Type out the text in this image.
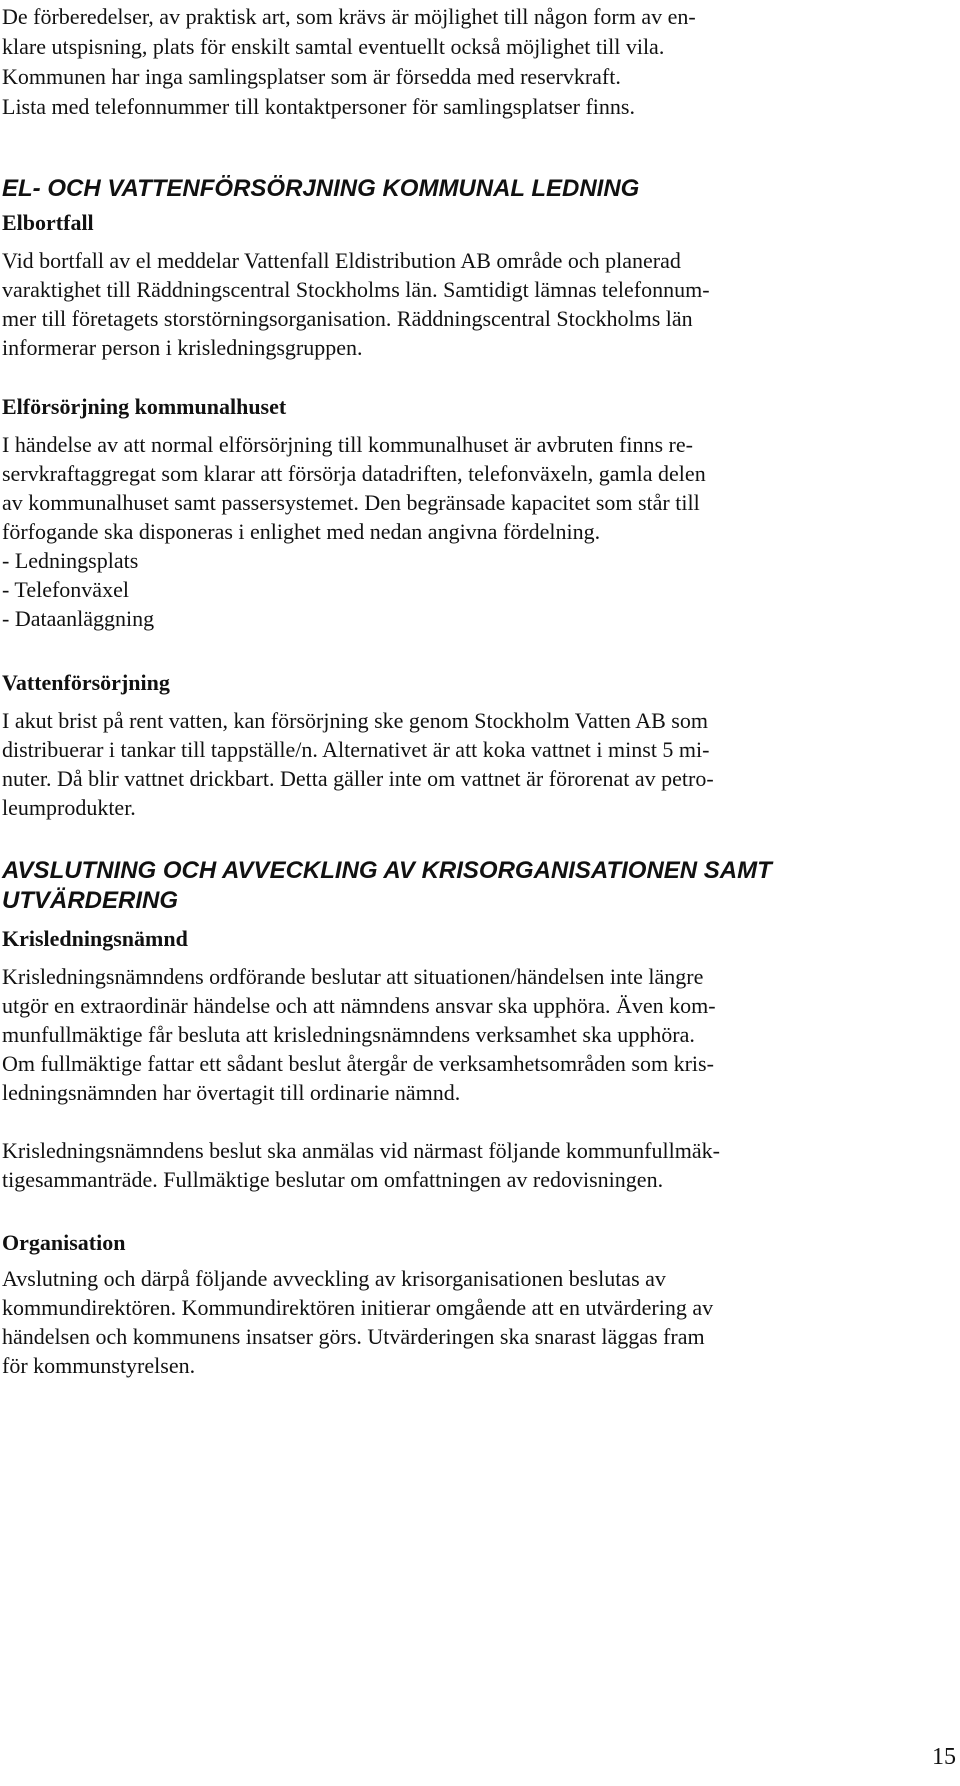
De förberedelser, av praktisk art, som krävs är möjlighet till någon form av en-
klare utspisning, plats för enskilt samtal eventuellt också möjlighet till vila.
Kommunen har inga samlingsplatser som är försedda med reservkraft.
Lista med telefonnummer till kontaktpersoner för samlingsplatser finns.
EL- OCH VATTENFÖRSÖRJNING KOMMUNAL LEDNING
Elbortfall
Vid bortfall av el meddelar Vattenfall Eldistribution AB område och planerad
varaktighet till Räddningscentral Stockholms län. Samtidigt lämnas telefonnum-
mer till företagets storstörningsorganisation. Räddningscentral Stockholms län
informerar person i krisledningsgruppen.
Elförsörjning kommunalhuset
I händelse av att normal elförsörjning till kommunalhuset är avbruten finns re-
servkraftaggregat som klarar att försörja datadriften, telefonväxeln, gamla delen
av kommunalhuset samt passersystemet. Den begränsade kapacitet som står till
förfogande ska disponeras i enlighet med nedan angivna fördelning.
- Ledningsplats
- Telefonväxel
- Dataanläggning
Vattenförsörjning
I akut brist på rent vatten, kan försörjning ske genom Stockholm Vatten AB som
distribuerar i tankar till tappställe/n. Alternativet är att koka vattnet i minst 5 mi-
nuter. Då blir vattnet drickbart. Detta gäller inte om vattnet är förorenat av petro-
leumprodukter.
AVSLUTNING OCH AVVECKLING AV KRISORGANISATIONEN SAMT
UTVÄRDERING
Krisledningsnämnd
Krisledningsnämndens ordförande beslutar att situationen/händelsen inte längre
utgör en extraordinär händelse och att nämndens ansvar ska upphöra. Även kom-
munfullmäktige får besluta att krisledningsnämndens verksamhet ska upphöra.
Om fullmäktige fattar ett sådant beslut återgår de verksamhetsområden som kris-
ledningsnämnden har övertagit till ordinarie nämnd.
Krisledningsnämndens beslut ska anmälas vid närmast följande kommunfullmäk-
tigesammanträde. Fullmäktige beslutar om omfattningen av redovisningen.
Organisation
Avslutning och därpå följande avveckling av krisorganisationen beslutas av
kommundirektören. Kommundirektören initierar omgående att en utvärdering av
händelsen och kommunens insatser görs. Utvärderingen ska snarast läggas fram
för kommunstyrelsen.
15
